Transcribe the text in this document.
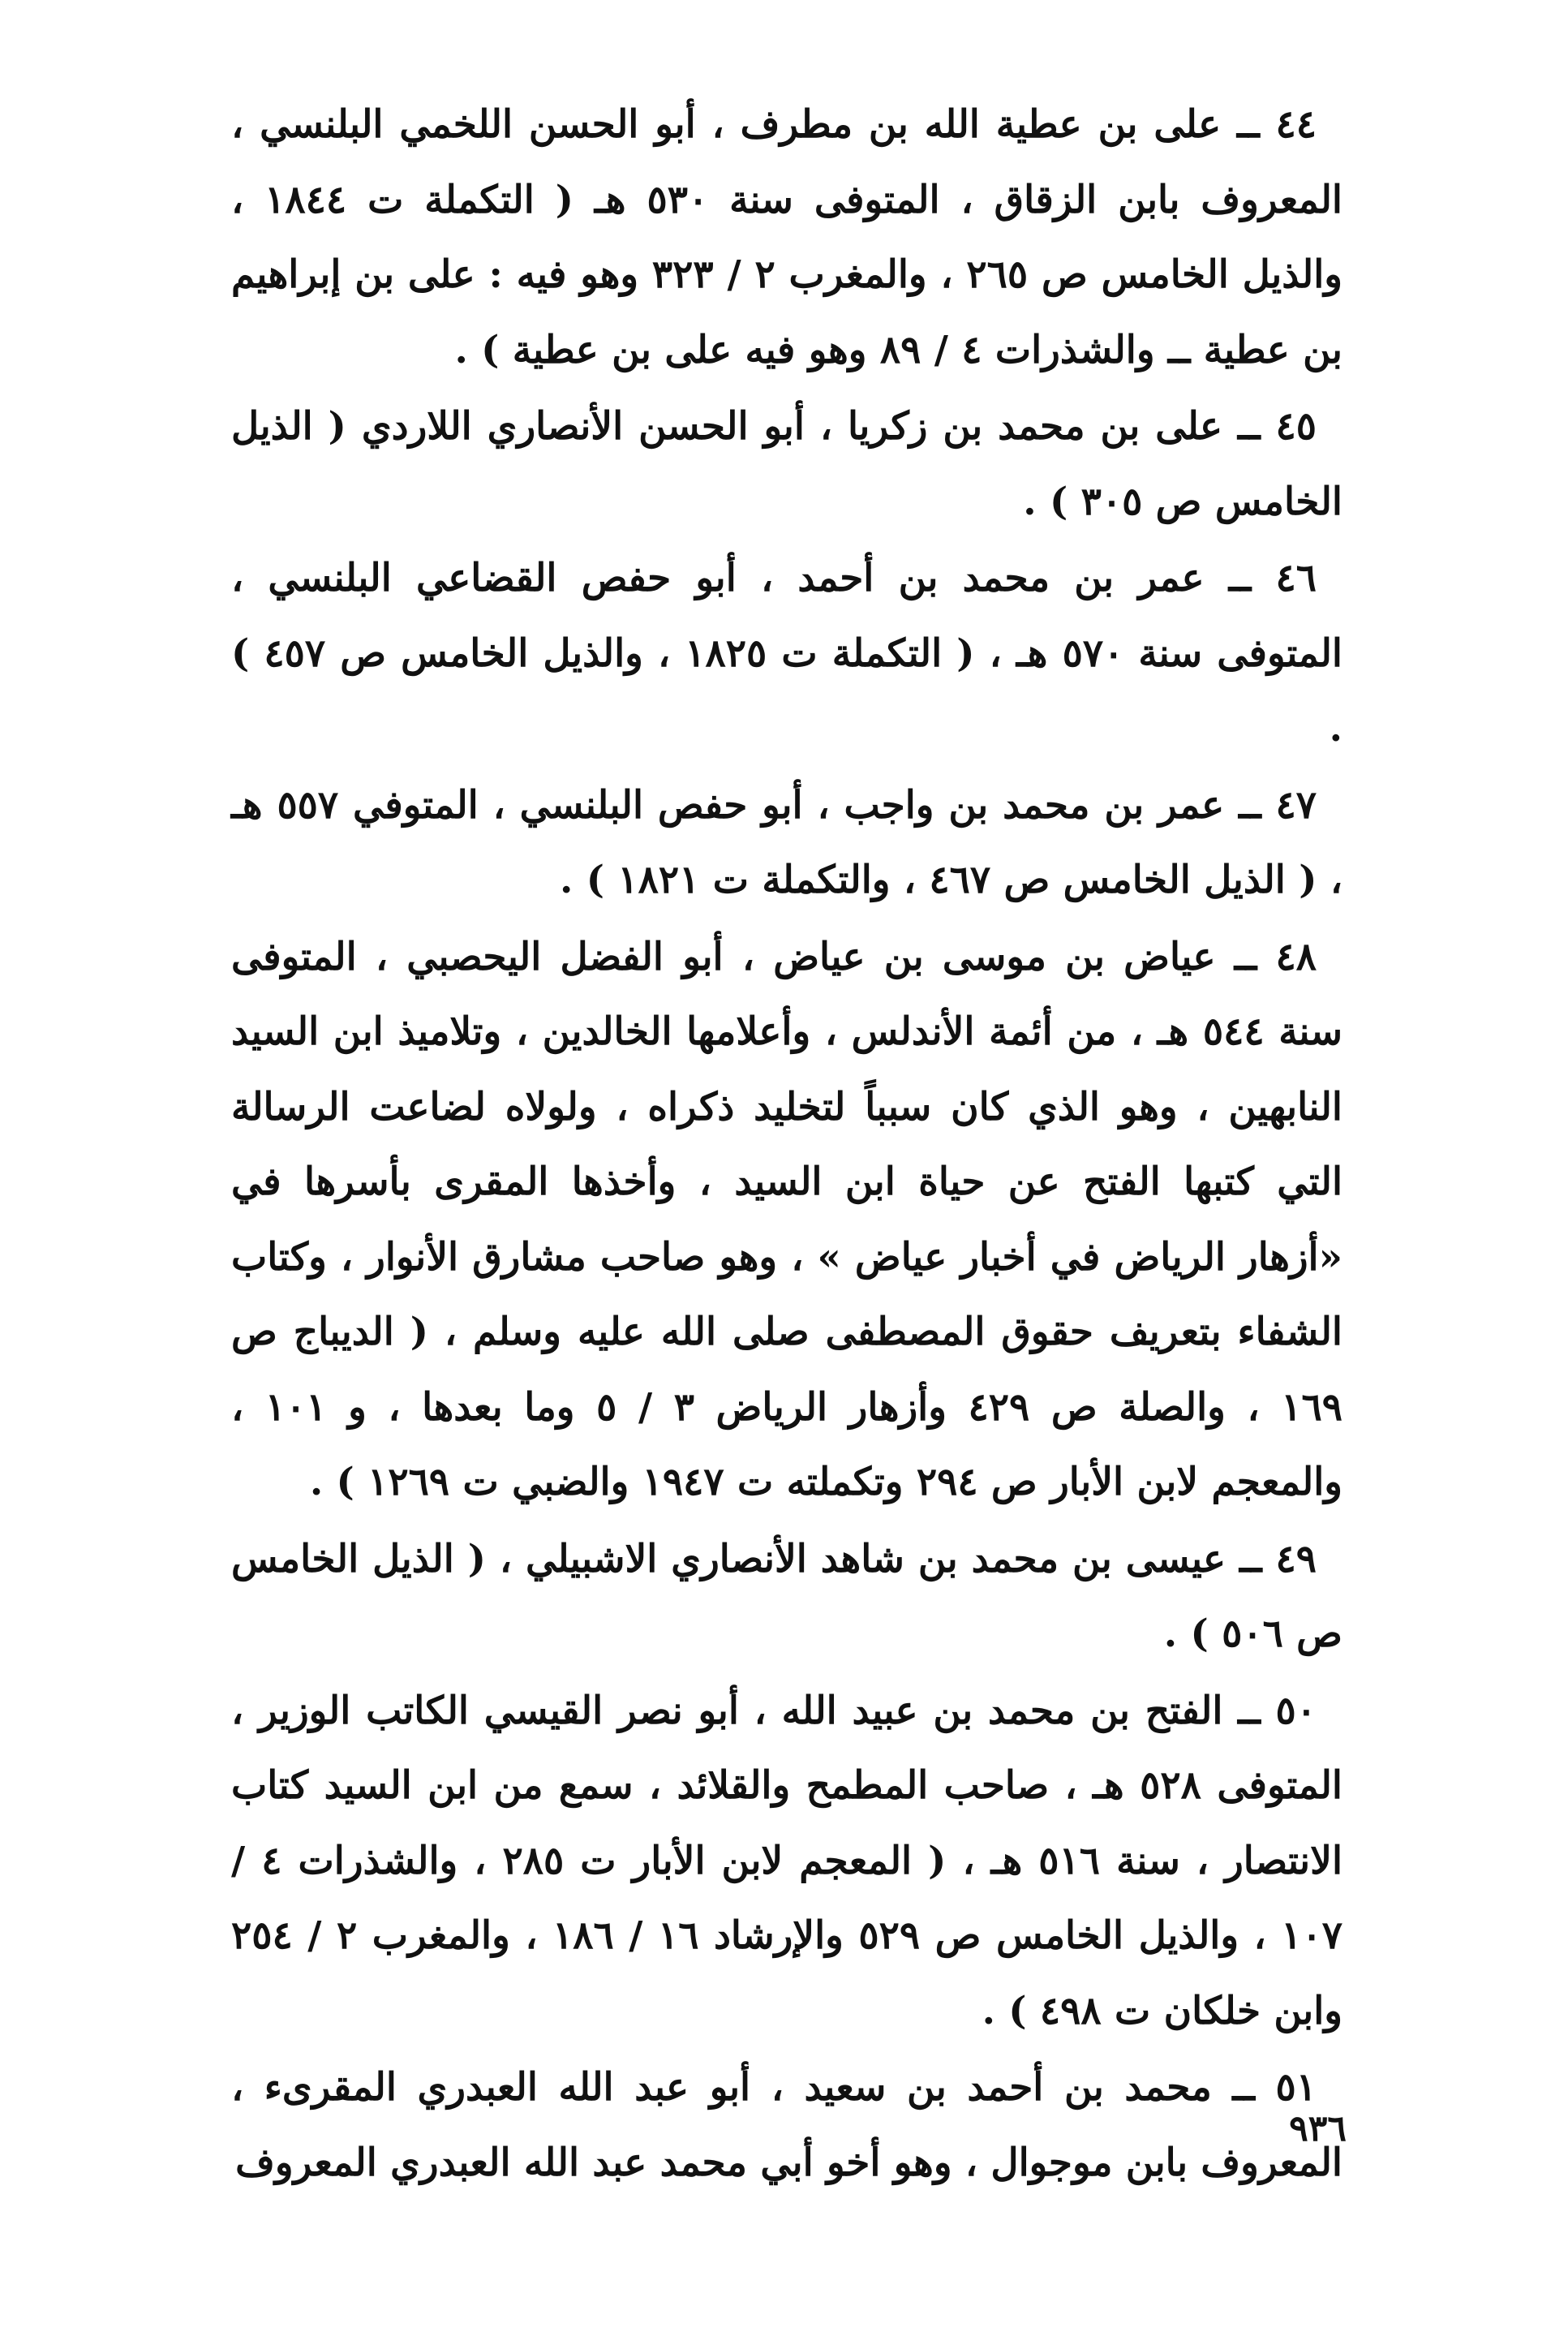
٤٤ ــ على بن عطية الله بن مطرف ، أبو الحسن اللخمي البلنسي ، المعروف بابن الزقاق ، المتوفى سنة ٥٣٠ هـ ( التكملة ت ١٨٤٤ ، والذيل الخامس ص ٢٦٥ ، والمغرب ٢ / ٣٢٣ وهو فيه : على بن إبراهيم بن عطية ــ والشذرات ٤ / ٨٩ وهو فيه على بن عطية ) .

٤٥ ــ على بن محمد بن زكريا ، أبو الحسن الأنصاري اللاردي ( الذيل الخامس ص ٣٠٥ ) .

٤٦ ــ عمر بن محمد بن أحمد ، أبو حفص القضاعي البلنسي ، المتوفى سنة ٥٧٠ هـ ، ( التكملة ت ١٨٢٥ ، والذيل الخامس ص ٤٥٧ ) .

٤٧ ــ عمر بن محمد بن واجب ، أبو حفص البلنسي ، المتوفي ٥٥٧ هـ ، ( الذيل الخامس ص ٤٦٧ ، والتكملة ت ١٨٢١ ) .

٤٨ ــ عياض بن موسى بن عياض ، أبو الفضل اليحصبي ، المتوفى سنة ٥٤٤ هـ ، من أئمة الأندلس ، وأعلامها الخالدين ، وتلاميذ ابن السيد النابهين ، وهو الذي كان سبباً لتخليد ذكراه ، ولولاه لضاعت الرسالة التي كتبها الفتح عن حياة ابن السيد ، وأخذها المقرى بأسرها في «أزهار الرياض في أخبار عياض » ، وهو صاحب مشارق الأنوار ، وكتاب الشفاء بتعريف حقوق المصطفى صلى الله عليه وسلم ، ( الديباج ص ١٦٩ ، والصلة ص ٤٢٩ وأزهار الرياض ٣ / ٥ وما بعدها ، و ١٠١ ، والمعجم لابن الأبار ص ٢٩٤ وتكملته ت ١٩٤٧ والضبي ت ١٢٦٩ ) .

٤٩ ــ عيسى بن محمد بن شاهد الأنصاري الاشبيلي ، ( الذيل الخامس ص ٥٠٦ ) .

٥٠ ــ الفتح بن محمد بن عبيد الله ، أبو نصر القيسي الكاتب الوزير ، المتوفى ٥٢٨ هـ ، صاحب المطمح والقلائد ، سمع من ابن السيد كتاب الانتصار ، سنة ٥١٦ هـ ، ( المعجم لابن الأبار ت ٢٨٥ ، والشذرات ٤ / ١٠٧ ، والذيل الخامس ص ٥٢٩ والإرشاد ١٦ / ١٨٦ ، والمغرب ٢ / ٢٥٤ وابن خلكان ت ٤٩٨ ) .

٥١ ــ محمد بن أحمد بن سعيد ، أبو عبد الله العبدري المقرىء ، المعروف بابن موجوال ، وهو أخو أبي محمد عبد الله العبدري المعروف

٩٣٦
